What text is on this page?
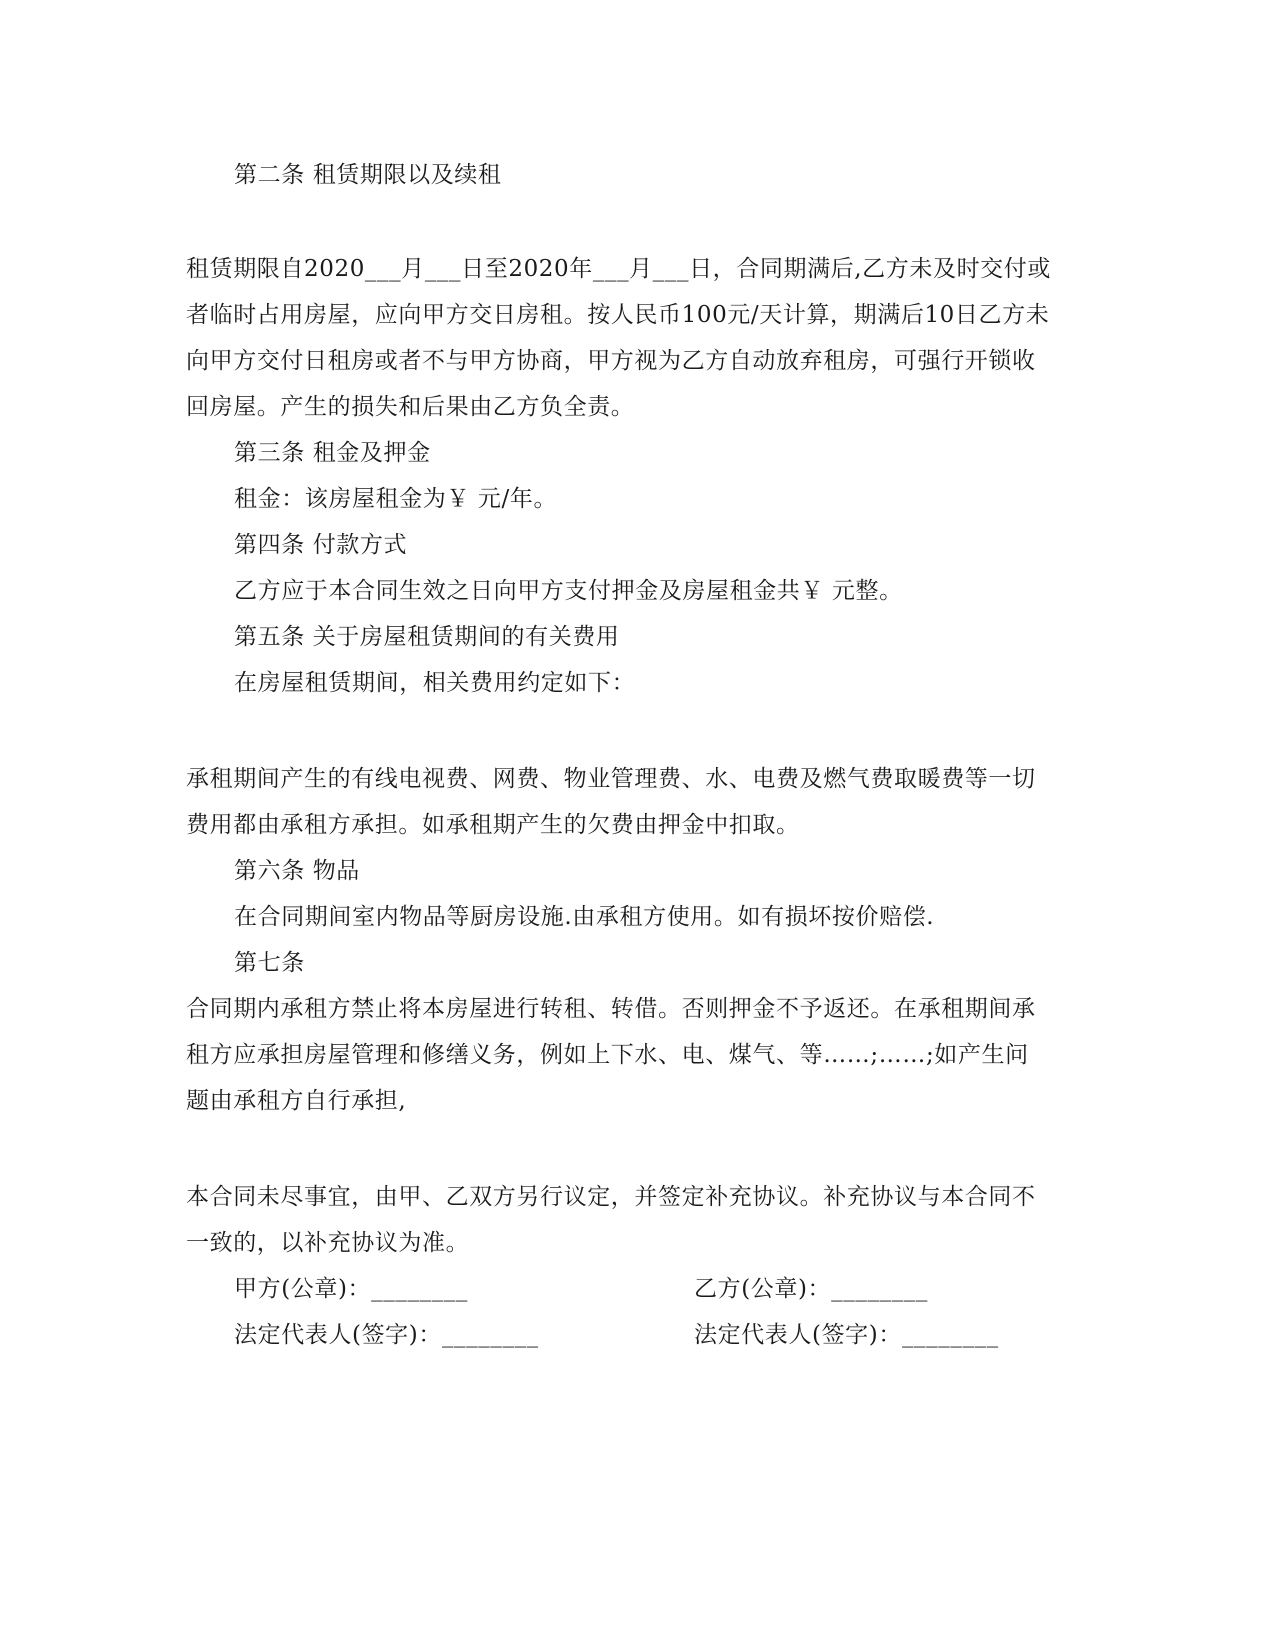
第二条 租赁期限以及续租
租赁期限自2020___月___日至2020年___月___日，合同期满后,乙方未及时交付或
者临时占用房屋，应向甲方交日房租。按人民币100元/天计算，期满后10日乙方未
向甲方交付日租房或者不与甲方协商，甲方视为乙方自动放弃租房，可强行开锁收
回房屋。产生的损失和后果由乙方负全责。
第三条 租金及押金
租金：该房屋租金为￥ 元/年。
第四条 付款方式
乙方应于本合同生效之日向甲方支付押金及房屋租金共￥ 元整。
第五条 关于房屋租赁期间的有关费用
在房屋租赁期间，相关费用约定如下：
承租期间产生的有线电视费、网费、物业管理费、水、电费及燃气费取暖费等一切
费用都由承租方承担。如承租期产生的欠费由押金中扣取。
第六条 物品
在合同期间室内物品等厨房设施.由承租方使用。如有损坏按价赔偿.
第七条
合同期内承租方禁止将本房屋进行转租、转借。否则押金不予返还。在承租期间承
租方应承担房屋管理和修缮义务，例如上下水、电、煤气、等……;……;如产生问
题由承租方自行承担,
本合同未尽事宜，由甲、乙双方另行议定，并签定补充协议。补充协议与本合同不
一致的，以补充协议为准。
甲方(公章)：________	乙方(公章)：________
法定代表人(签字)：________	法定代表人(签字)：________
